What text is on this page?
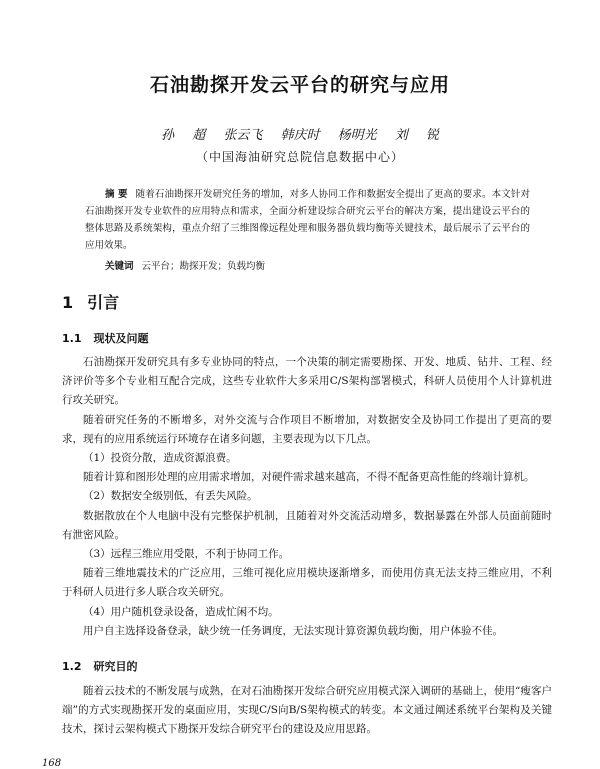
石油勘探开发云平台的研究与应用
孙 超 张云飞 韩庆时 杨明光 刘 锐
（中国海油研究总院信息数据中心）
摘 要 随着石油勘探开发研究任务的增加，对多人协同工作和数据安全提出了更高的要求。本文针对石油勘探开发专业软件的应用特点和需求，全面分析建设综合研究云平台的解决方案，提出建设云平台的整体思路及系统架构，重点介绍了三维图像远程处理和服务器负载均衡等关键技术，最后展示了云平台的应用效果。
关键词 云平台；勘探开发；负载均衡
1 引言
1.1 现状及问题

石油勘探开发研究具有多专业协同的特点，一个决策的制定需要勘探、开发、地质、钻井、工程、经济评价等多个专业相互配合完成，这些专业软件大多采用C/S架构部署模式，科研人员使用个人计算机进行攻关研究。

随着研究任务的不断增多，对外交流与合作项目不断增加，对数据安全及协同工作提出了更高的要求，现有的应用系统运行环境存在诸多问题，主要表现为以下几点。

（1）投资分散，造成资源浪费。

随着计算和图形处理的应用需求增加，对硬件需求越来越高，不得不配备更高性能的终端计算机。

（2）数据安全级别低，有丢失风险。

数据散放在个人电脑中没有完整保护机制，且随着对外交流活动增多，数据暴露在外部人员面前随时有泄密风险。

（3）远程三维应用受限，不利于协同工作。

随着三维地震技术的广泛应用，三维可视化应用模块逐渐增多，而使用仿真无法支持三维应用，不利于科研人员进行多人联合攻关研究。

（4）用户随机登录设备，造成忙闲不均。

用户自主选择设备登录，缺少统一任务调度，无法实现计算资源负载均衡，用户体验不佳。

1.2 研究目的

随着云技术的不断发展与成熟，在对石油勘探开发综合研究应用模式深入调研的基础上，使用“瘦客户端”的方式实现勘探开发的桌面应用，实现C/S向B/S架构模式的转变。本文通过阐述系统平台架构及关键技术，探讨云架构模式下勘探开发综合研究平台的建设及应用思路。

168
